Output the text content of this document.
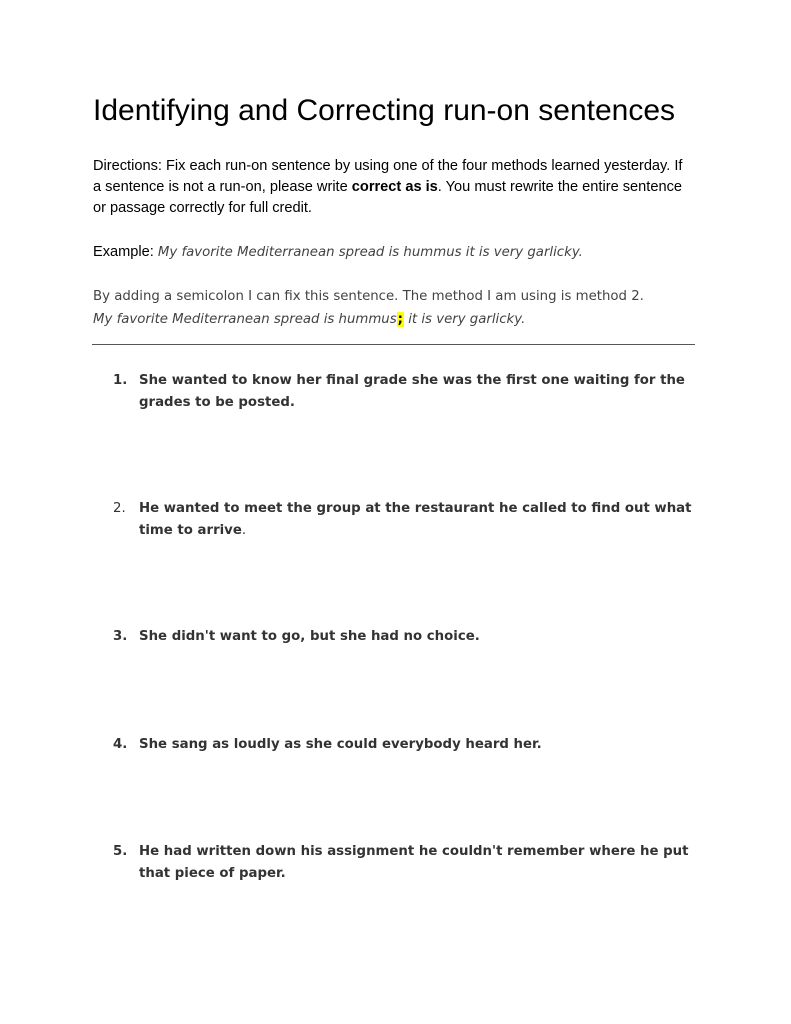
Identifying and Correcting run-on sentences
Directions: Fix each run-on sentence by using one of the four methods learned yesterday. If a sentence is not a run-on, please write correct as is. You must rewrite the entire sentence or passage correctly for full credit.
Example: My favorite Mediterranean spread is hummus it is very garlicky.
By adding a semicolon I can fix this sentence. The method I am using is method 2.
My favorite Mediterranean spread is hummus; it is very garlicky.
1. She wanted to know her final grade she was the first one waiting for the grades to be posted.
2.	He wanted to meet the group at the restaurant he called to find out what time to arrive.
3. She didn't want to go, but she had no choice.
4. She sang as loudly as she could everybody heard her.
5. He had written down his assignment he couldn't remember where he put that piece of paper.
